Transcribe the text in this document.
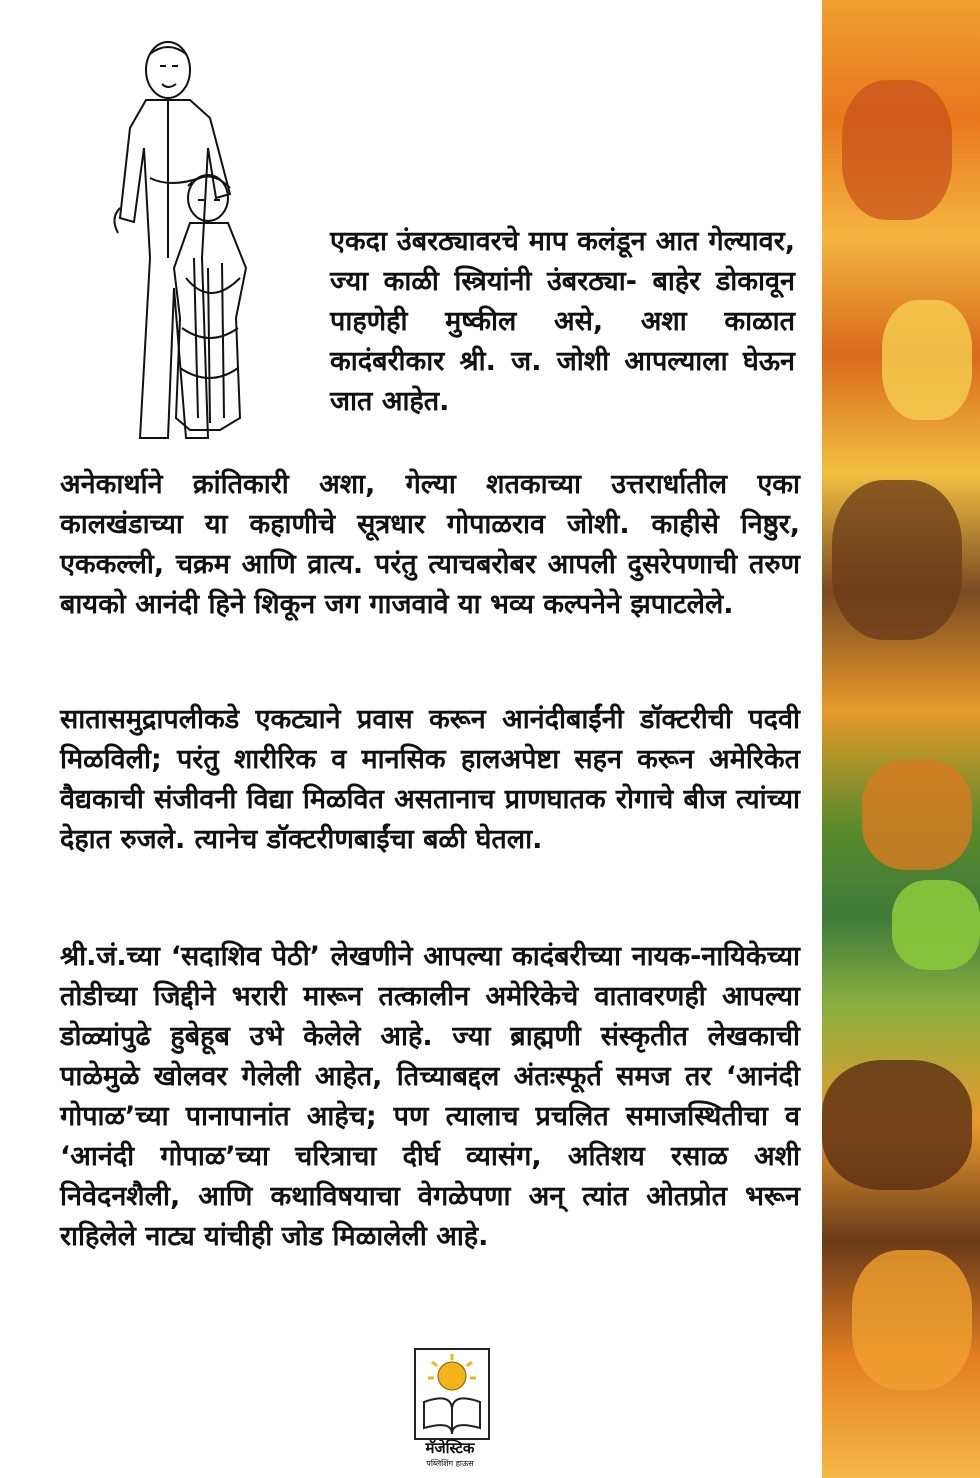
एकदा उंबरठ्यावरचे माप कलंडून आत गेल्यावर, ज्या काळी स्त्रियांनी उंबरठ्या- बाहेर डोकावून पाहणेही मुष्कील असे, अशा काळात कादंबरीकार श्री. ज. जोशी आपल्याला घेऊन जात आहेत.
अनेकार्थाने क्रांतिकारी अशा, गेल्या शतकाच्या उत्तरार्धातील एका कालखंडाच्या या कहाणीचे सूत्रधार गोपाळराव जोशी. काहीसे निष्ठुर, एककल्ली, चक्रम आणि व्रात्य. परंतु त्याचबरोबर आपली दुसरेपणाची तरुण बायको आनंदी हिने शिकून जग गाजवावे या भव्य कल्पनेने झपाटलेले.
सातासमुद्रापलीकडे एकट्याने प्रवास करून आनंदीबाईंनी डॉक्टरीची पदवी मिळविली; परंतु शारीरिक व मानसिक हालअपेष्टा सहन करून अमेरिकेत वैद्यकाची संजीवनी विद्या मिळवित असतानाच प्राणघातक रोगाचे बीज त्यांच्या देहात रुजले. त्यानेच डॉक्टरीणबाईंचा बळी घेतला.
श्री.जं.च्या ‘सदाशिव पेठी’ लेखणीने आपल्या कादंबरीच्या नायक-नायिकेच्या तोडीच्या जिद्दीने भरारी मारून तत्कालीन अमेरिकेचे वातावरणही आपल्या डोळ्यांपुढे हुबेहूब उभे केलेले आहे. ज्या ब्राह्मणी संस्कृतीत लेखकाची पाळेमुळे खोलवर गेलेली आहेत, तिच्याबद्दल अंतःस्फूर्त समज तर ‘आनंदी गोपाळ’च्या पानापानांत आहेच; पण त्यालाच प्रचलित समाजस्थितीचा व ‘आनंदी गोपाळ’च्या चरित्राचा दीर्घ व्यासंग, अतिशय रसाळ अशी निवेदनशैली, आणि कथाविषयाचा वेगळेपणा अन् त्यांत ओतप्रोत भरून राहिलेले नाट्य यांचीही जोड मिळालेली आहे.
मॅजेस्टिक
पब्लिशिंग हाऊस
